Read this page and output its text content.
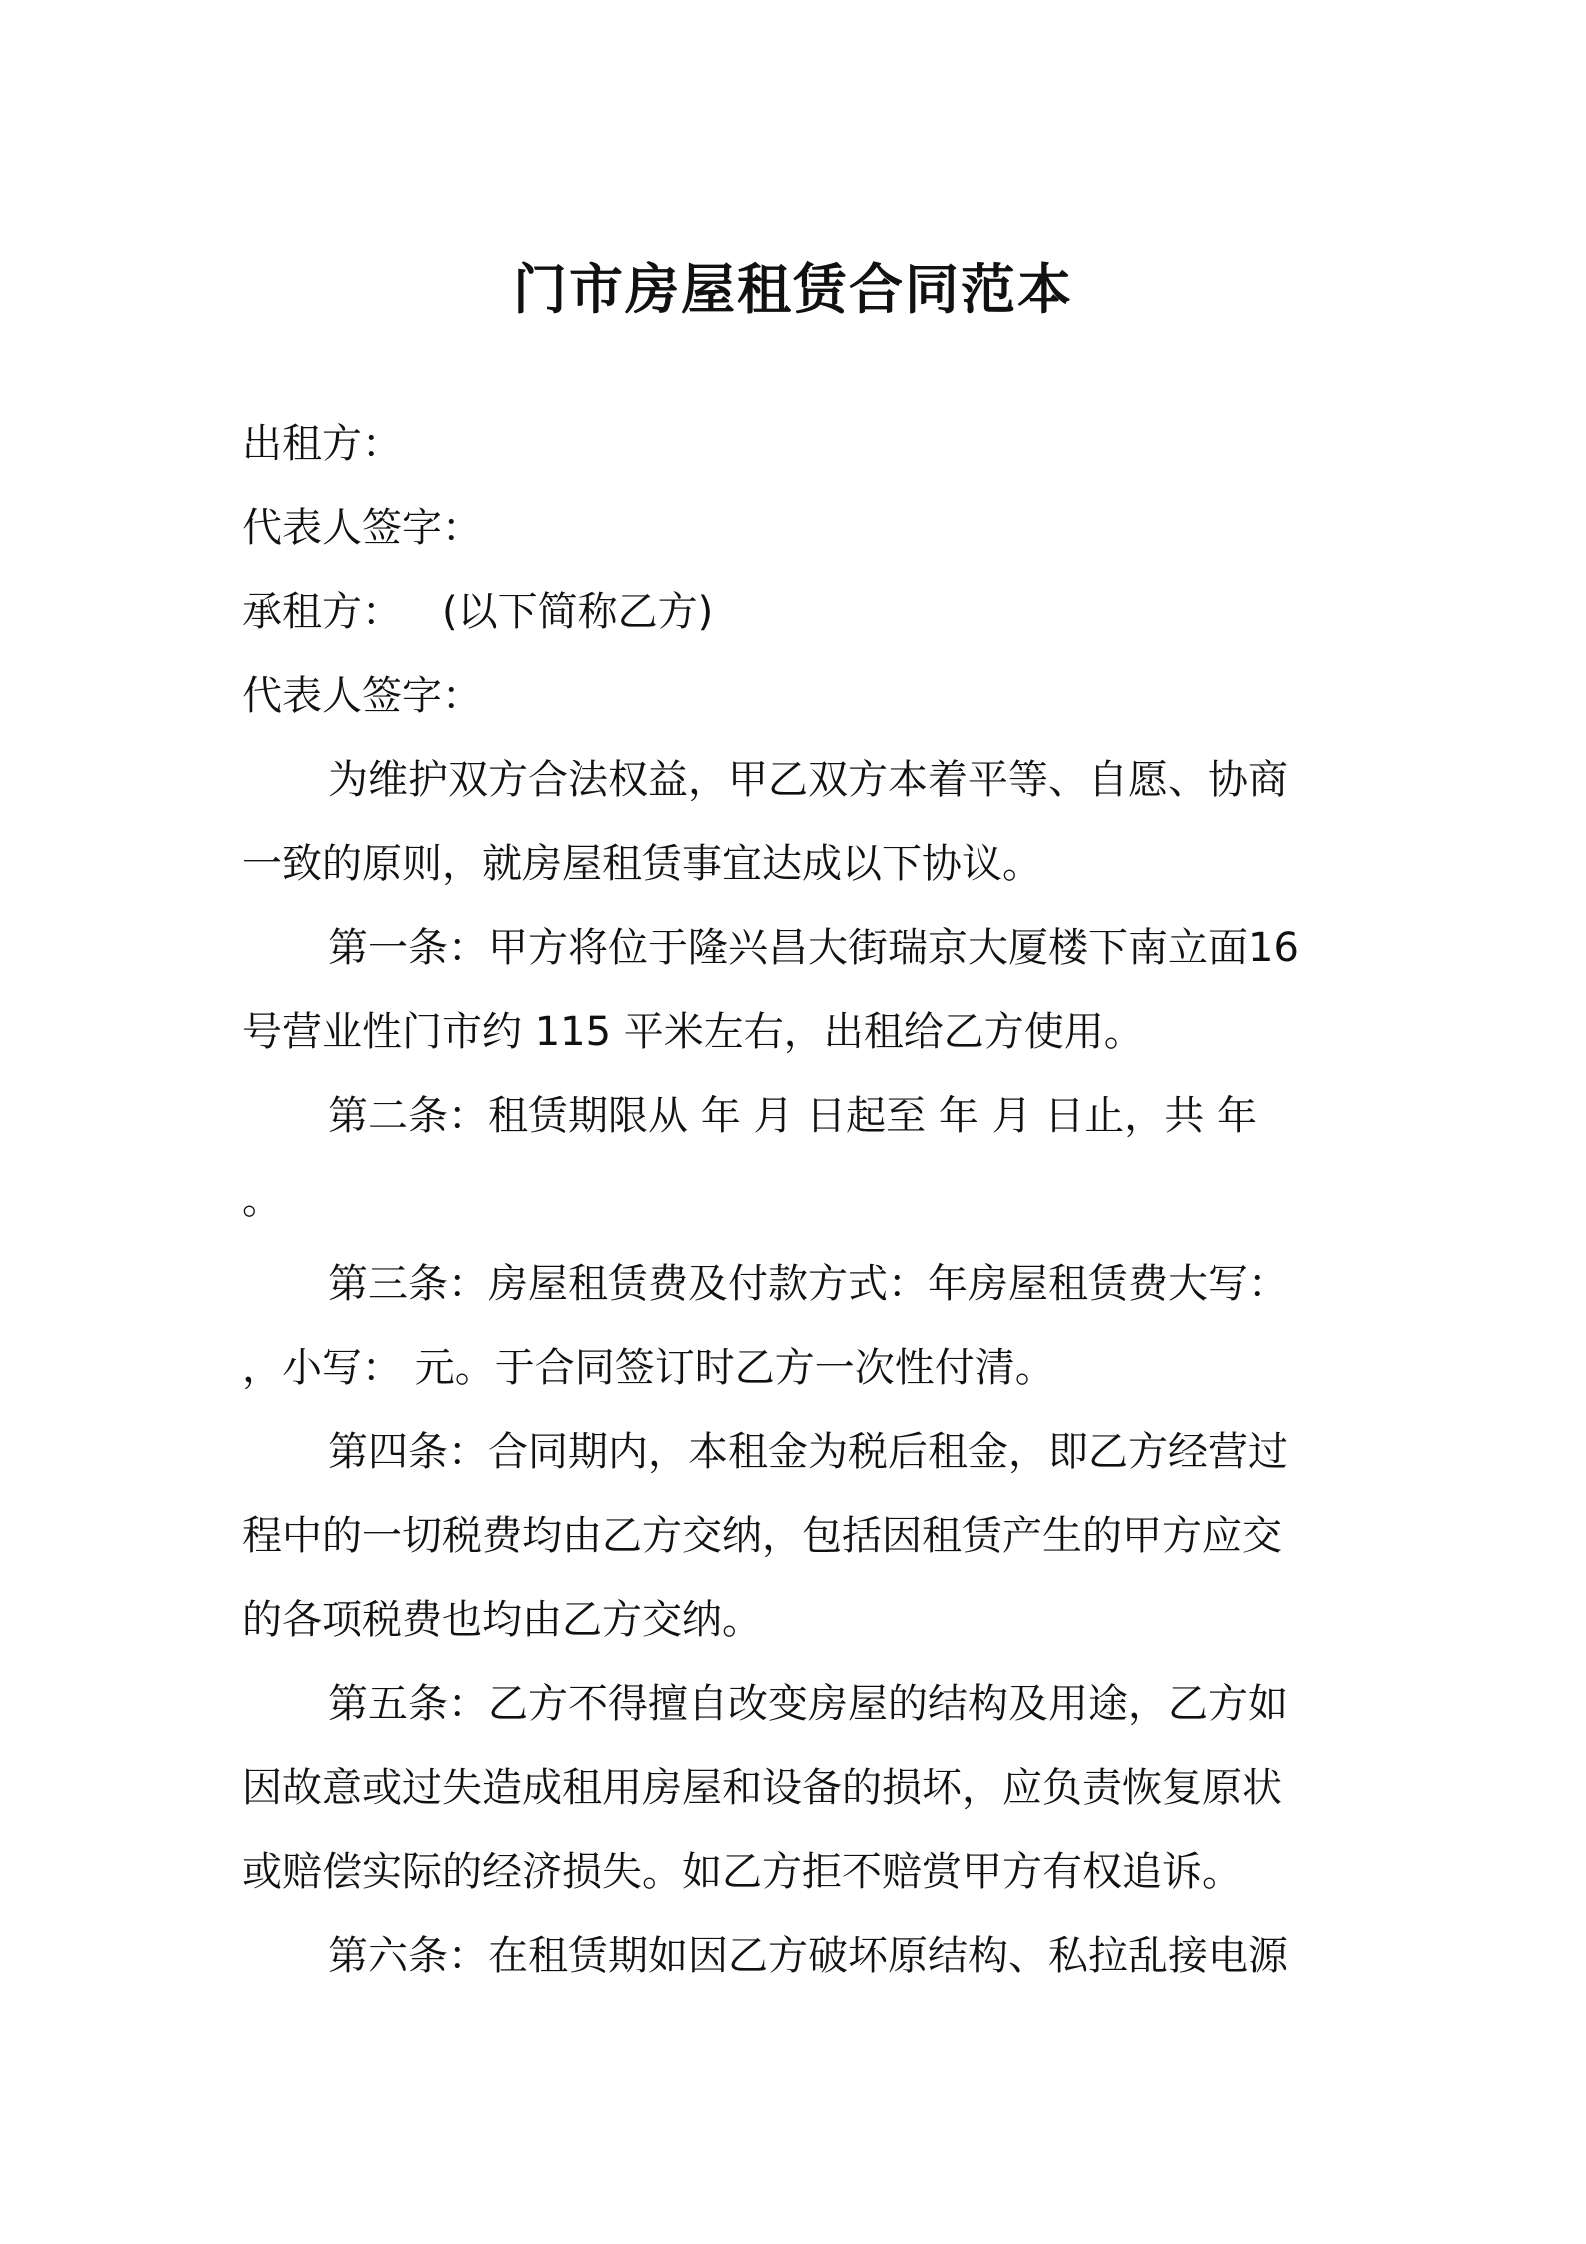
门市房屋租赁合同范本
出租方：
代表人签字：
承租方： (以下简称乙方)
代表人签字：
为维护双方合法权益，甲乙双方本着平等、自愿、协商
一致的原则，就房屋租赁事宜达成以下协议。
第一条：甲方将位于隆兴昌大街瑞京大厦楼下南立面16
号营业性门市约 115 平米左右，出租给乙方使用。
第二条：租赁期限从 年 月 日起至 年 月 日止，共 年
。
第三条：房屋租赁费及付款方式：年房屋租赁费大写：
，小写： 元。于合同签订时乙方一次性付清。
第四条：合同期内，本租金为税后租金，即乙方经营过
程中的一切税费均由乙方交纳，包括因租赁产生的甲方应交
的各项税费也均由乙方交纳。
第五条：乙方不得擅自改变房屋的结构及用途，乙方如
因故意或过失造成租用房屋和设备的损坏，应负责恢复原状
或赔偿实际的经济损失。如乙方拒不赔赏甲方有权追诉。
第六条：在租赁期如因乙方破坏原结构、私拉乱接电源
